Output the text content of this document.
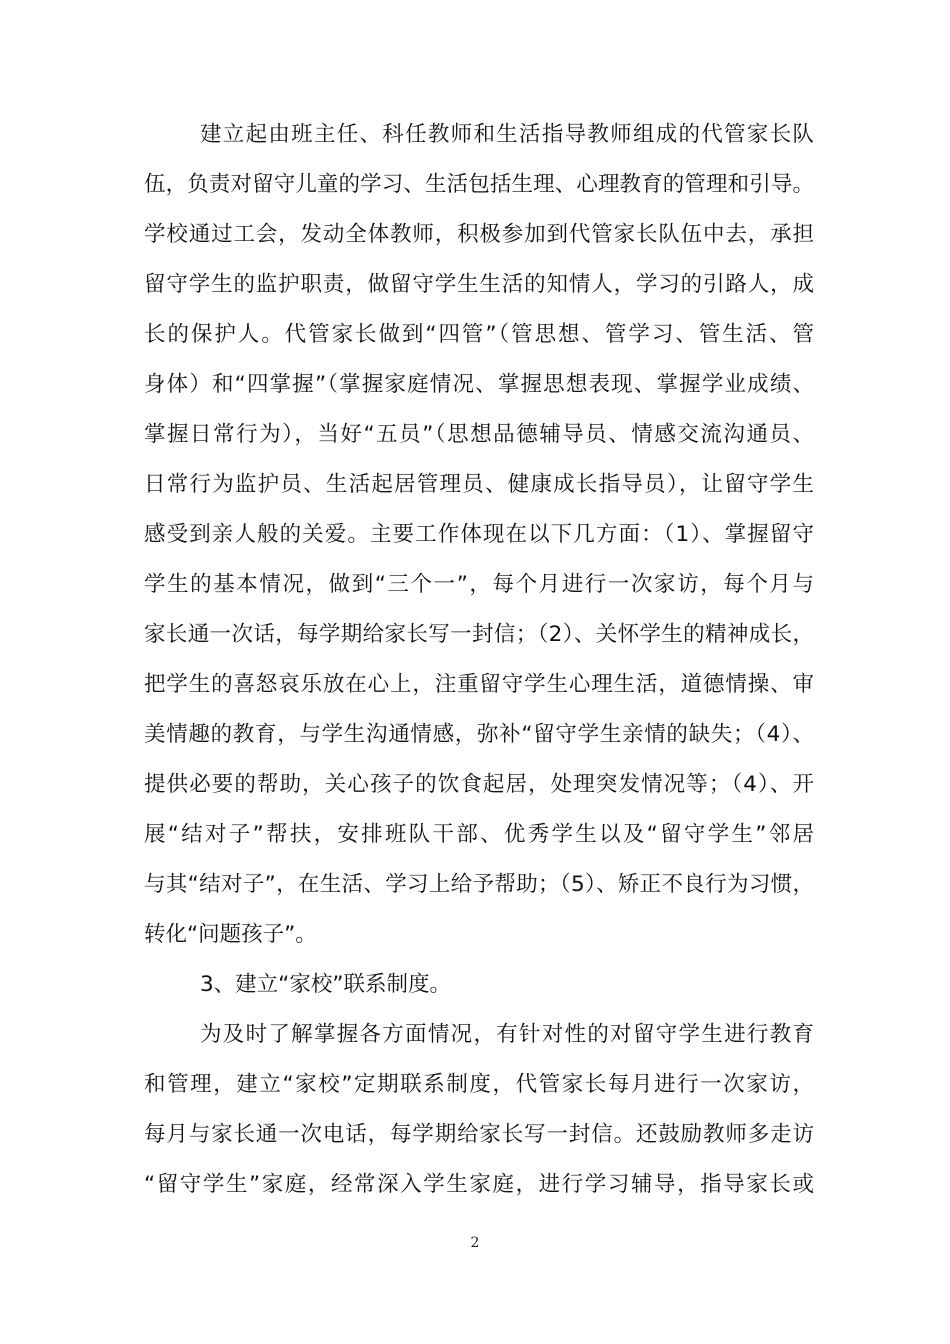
建立起由班主任、科任教师和生活指导教师组成的代管家长队
伍，负责对留守儿童的学习、生活包括生理、心理教育的管理和引导。
学校通过工会，发动全体教师，积极参加到代管家长队伍中去，承担
留守学生的监护职责，做留守学生生活的知情人，学习的引路人，成
长的保护人。代管家长做到“四管”（管思想、管学习、管生活、管
身体）和“四掌握”（掌握家庭情况、掌握思想表现、掌握学业成绩、
掌握日常行为），当好“五员”（思想品德辅导员、情感交流沟通员、
日常行为监护员、生活起居管理员、健康成长指导员），让留守学生
感受到亲人般的关爱。主要工作体现在以下几方面：（1）、掌握留守
学生的基本情况，做到“三个一”，每个月进行一次家访，每个月与
家长通一次话，每学期给家长写一封信；（2）、关怀学生的精神成长，
把学生的喜怒哀乐放在心上，注重留守学生心理生活，道德情操、审
美情趣的教育，与学生沟通情感，弥补“留守学生亲情的缺失；（4）、
提供必要的帮助，关心孩子的饮食起居，处理突发情况等；（4）、开
展“结对子”帮扶，安排班队干部、优秀学生以及“留守学生”邻居
与其“结对子”，在生活、学习上给予帮助；（5）、矫正不良行为习惯，
转化“问题孩子”。
3、建立“家校”联系制度。
为及时了解掌握各方面情况，有针对性的对留守学生进行教育
和管理，建立“家校”定期联系制度，代管家长每月进行一次家访，
每月与家长通一次电话，每学期给家长写一封信。还鼓励教师多走访
“留守学生”家庭，经常深入学生家庭，进行学习辅导，指导家长或
2
